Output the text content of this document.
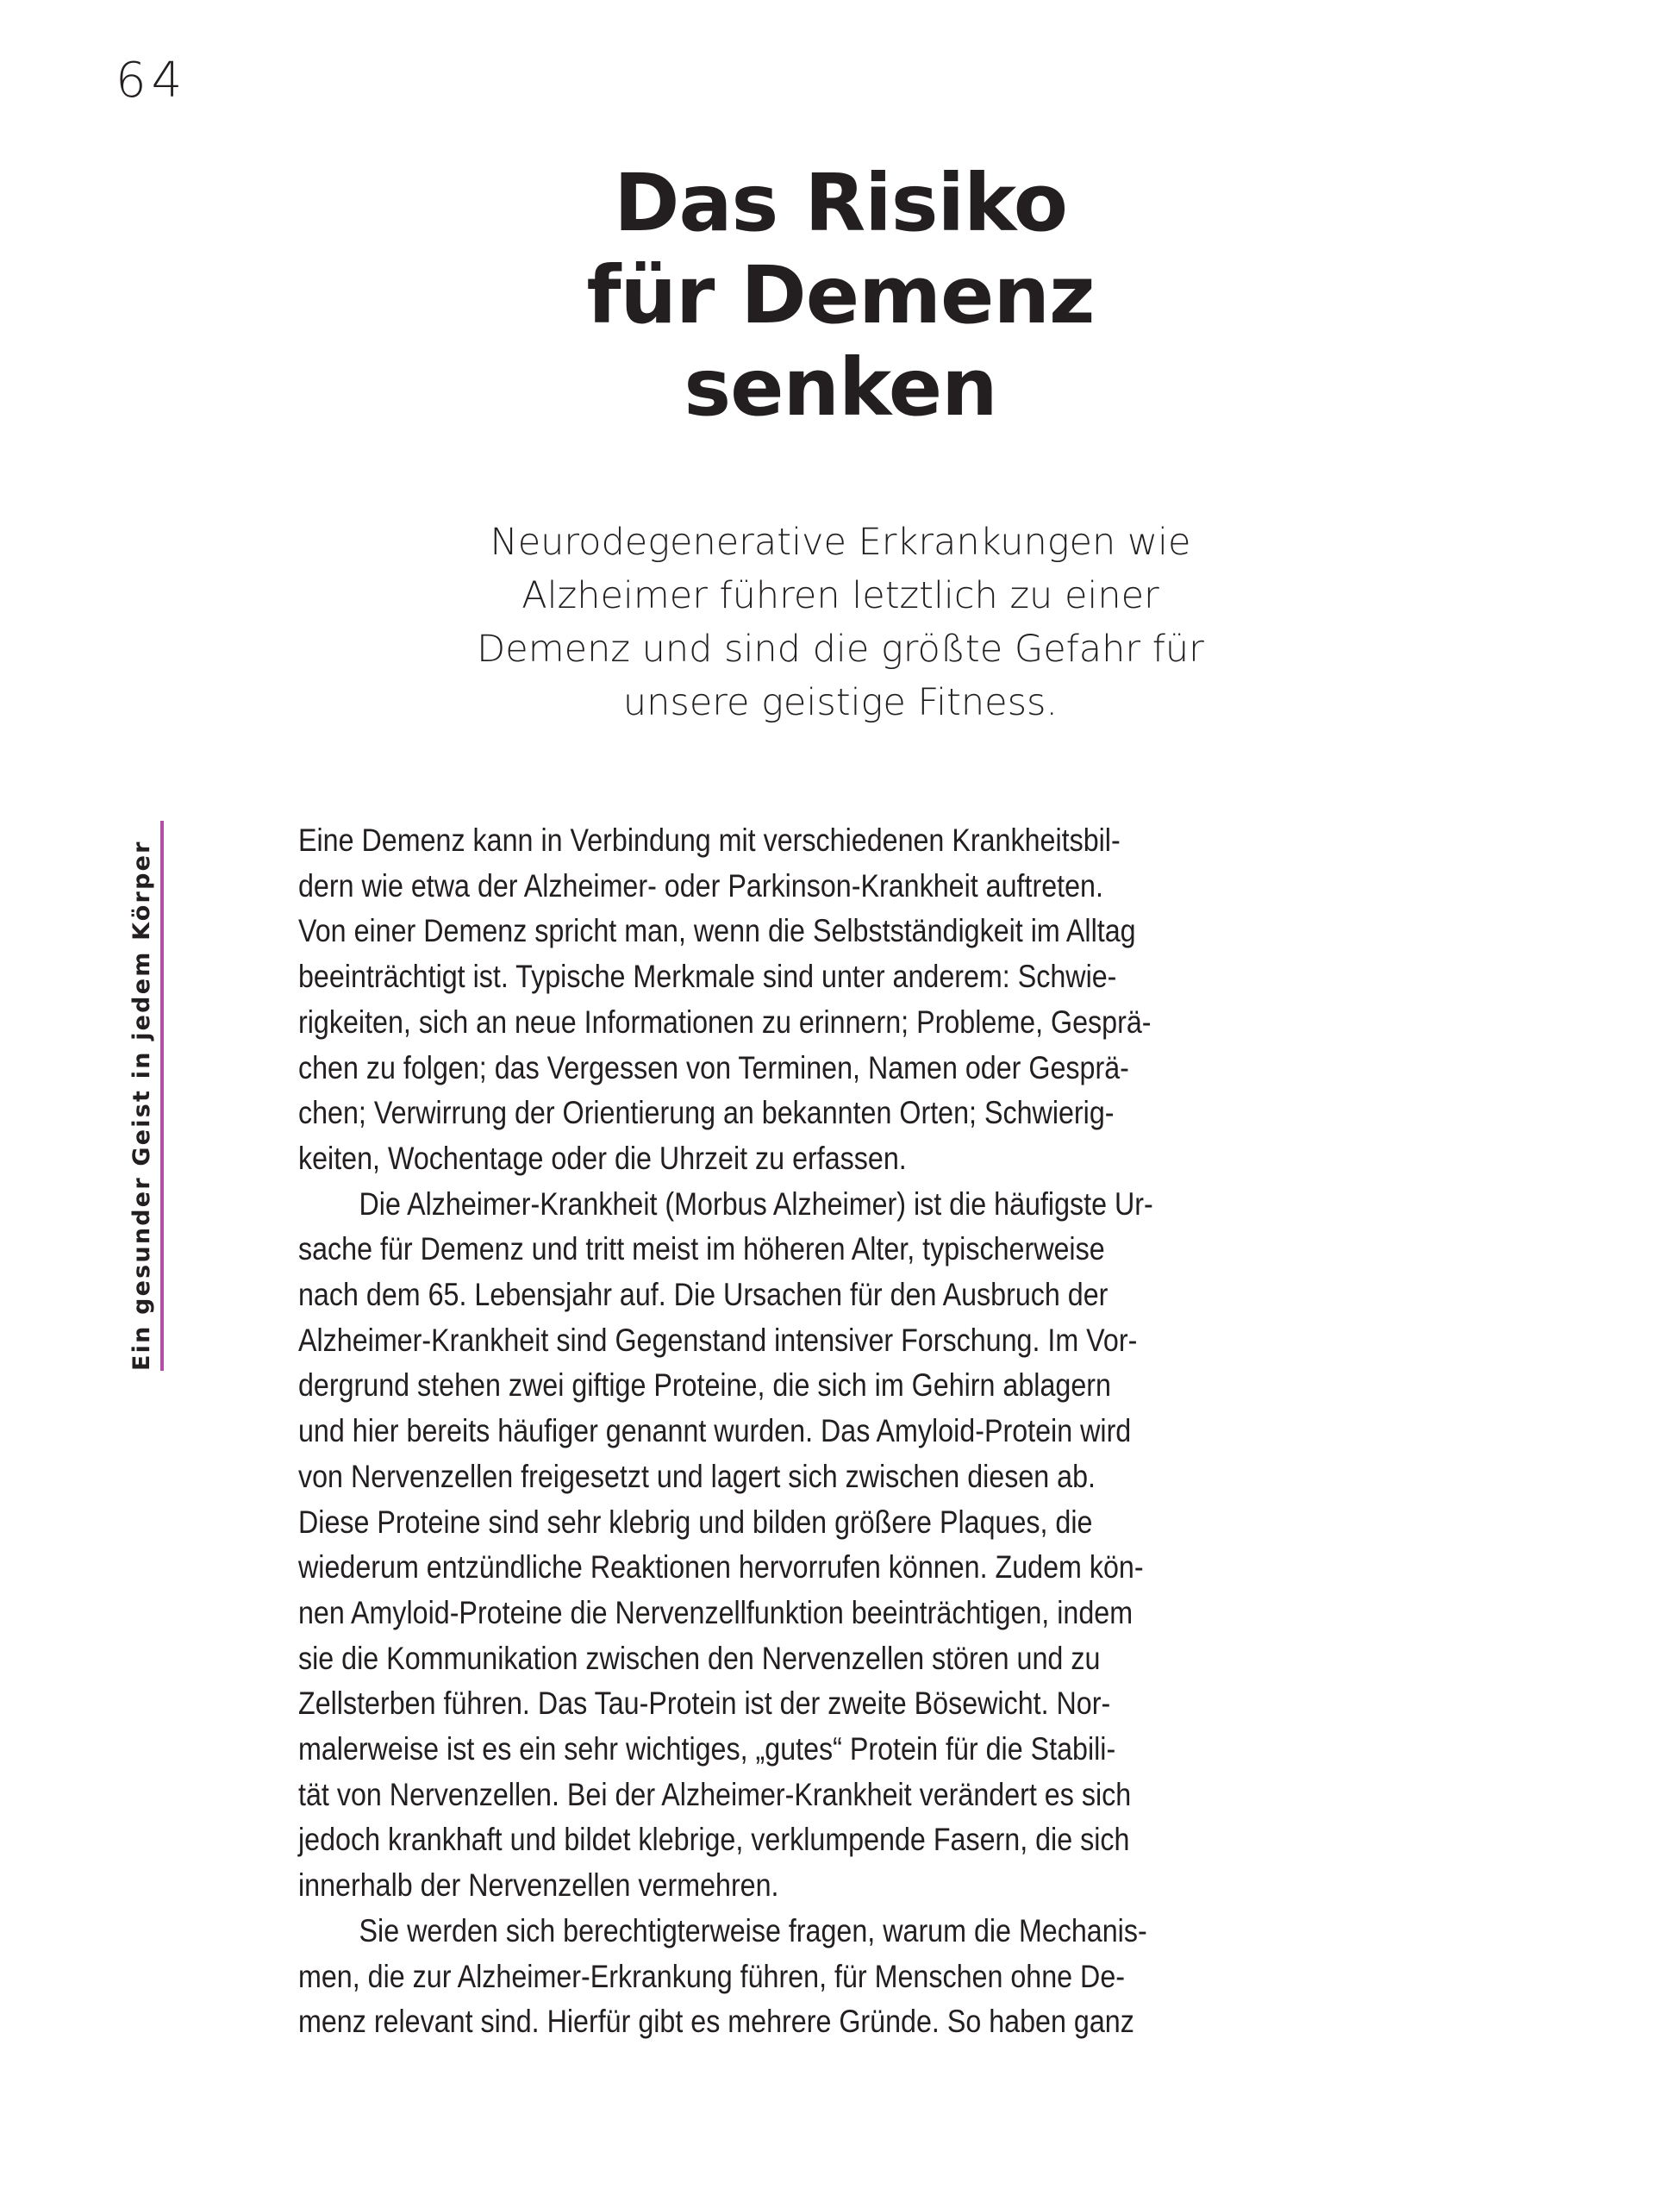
64
Ein gesunder Geist in jedem Körper
Das Risiko
für Demenz
senken

Neurodegenerative Erkrankungen wie
Alzheimer führen letztlich zu einer
Demenz und sind die größte Gefahr für
unsere geistige Fitness.

Eine Demenz kann in Verbindung mit verschiedenen Krankheitsbil-
dern wie etwa der Alzheimer- oder Parkinson-Krankheit auftreten.
Von einer Demenz spricht man, wenn die Selbstständigkeit im Alltag
beeinträchtigt ist. Typische Merkmale sind unter anderem: Schwie-
rigkeiten, sich an neue Informationen zu erinnern; Probleme, Gesprä-
chen zu folgen; das Vergessen von Terminen, Namen oder Gesprä-
chen; Verwirrung der Orientierung an bekannten Orten; Schwierig-
keiten, Wochentage oder die Uhrzeit zu erfassen.
Die Alzheimer-Krankheit (Morbus Alzheimer) ist die häufigste Ur-
sache für Demenz und tritt meist im höheren Alter, typischerweise
nach dem 65. Lebensjahr auf. Die Ursachen für den Ausbruch der
Alzheimer-Krankheit sind Gegenstand intensiver Forschung. Im Vor-
dergrund stehen zwei giftige Proteine, die sich im Gehirn ablagern
und hier bereits häufiger genannt wurden. Das Amyloid-Protein wird
von Nervenzellen freigesetzt und lagert sich zwischen diesen ab.
Diese Proteine sind sehr klebrig und bilden größere Plaques, die
wiederum entzündliche Reaktionen hervorrufen können. Zudem kön-
nen Amyloid-Proteine die Nervenzellfunktion beeinträchtigen, indem
sie die Kommunikation zwischen den Nervenzellen stören und zu
Zellsterben führen. Das Tau-Protein ist der zweite Bösewicht. Nor-
malerweise ist es ein sehr wichtiges, „gutes“ Protein für die Stabili-
tät von Nervenzellen. Bei der Alzheimer-Krankheit verändert es sich
jedoch krankhaft und bildet klebrige, verklumpende Fasern, die sich
innerhalb der Nervenzellen vermehren.
Sie werden sich berechtigterweise fragen, warum die Mechanis-
men, die zur Alzheimer-Erkrankung führen, für Menschen ohne De-
menz relevant sind. Hierfür gibt es mehrere Gründe. So haben ganz
